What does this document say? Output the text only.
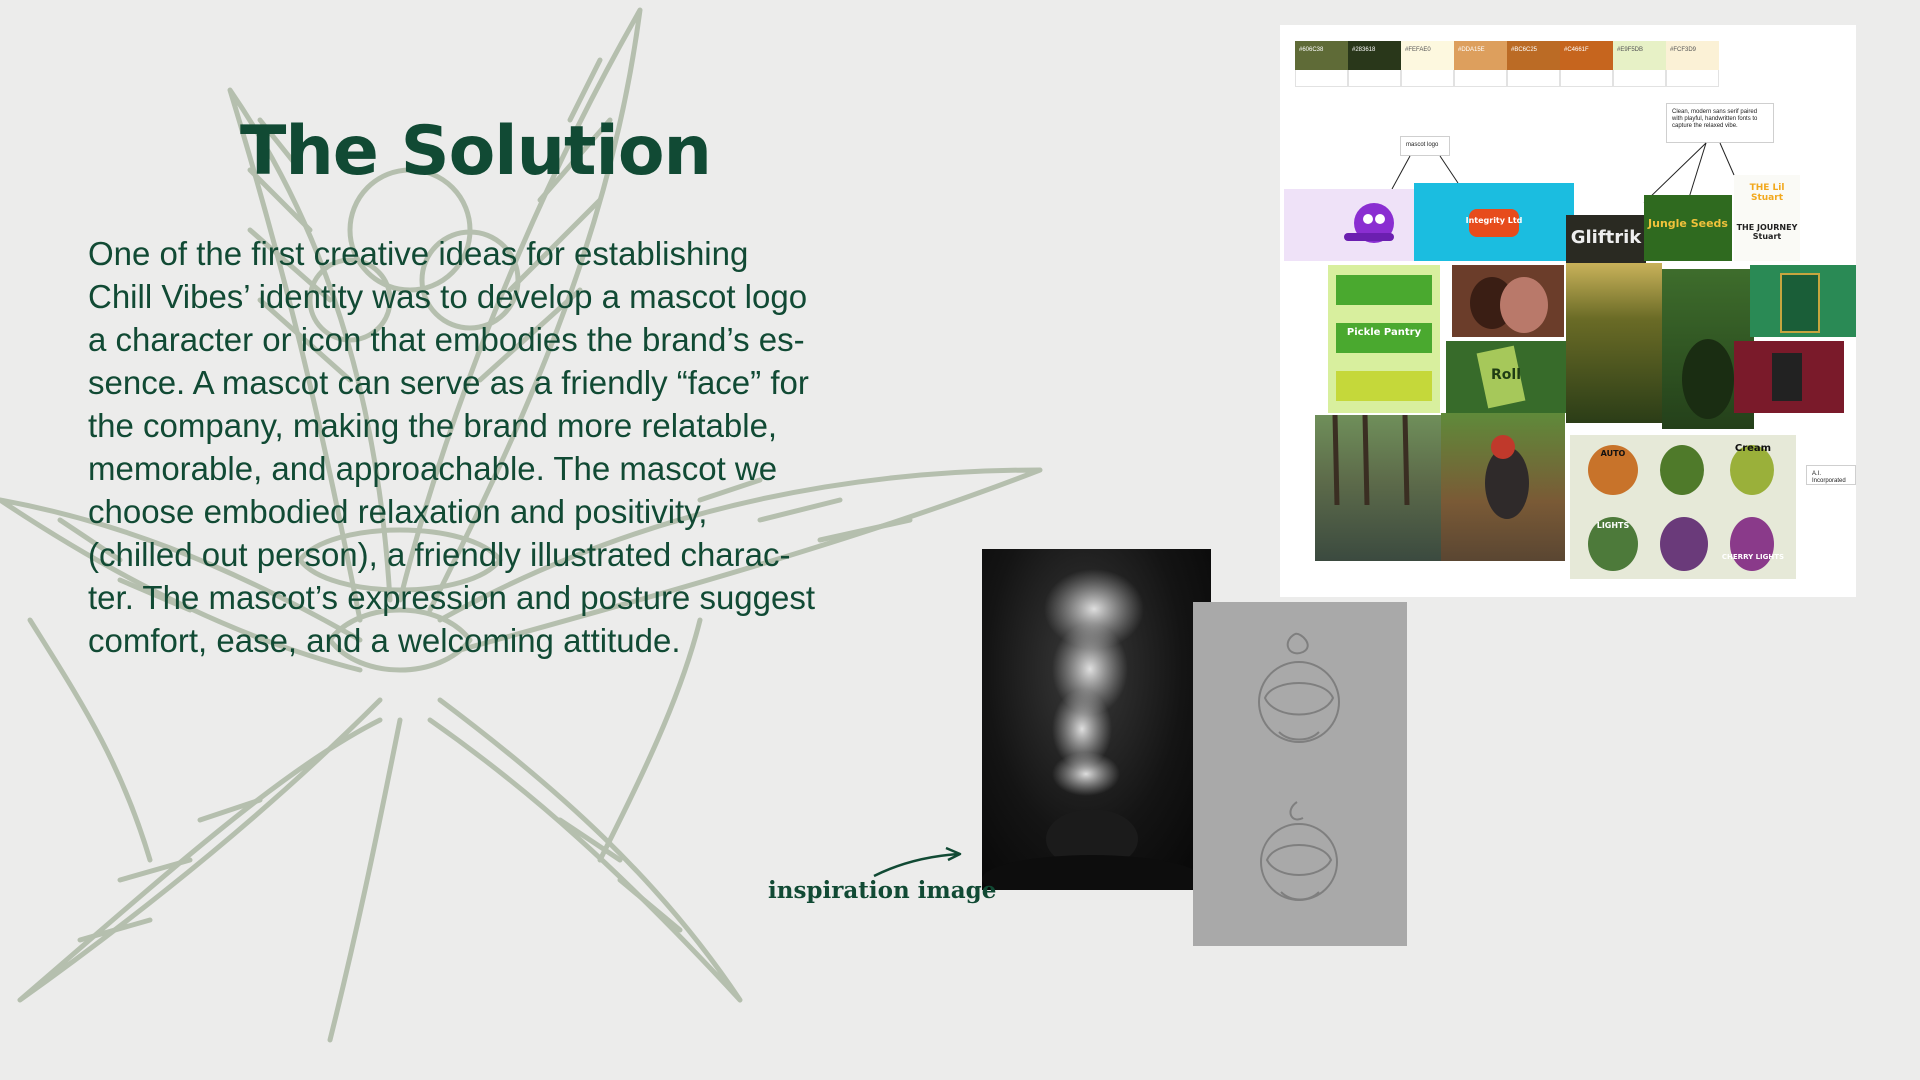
The Solution
One of the first creative ideas for establishing
Chill Vibes’ identity was to develop a mascot logo
a character or icon that embodies the brand’s es-
sence. A mascot can serve as a friendly “face” for
the company, making the brand more relatable,
memorable, and approachable. The mascot we
choose embodied relaxation and positivity,
(chilled out person), a friendly illustrated charac-
ter. The mascot’s expression and posture suggest
comfort, ease, and a welcoming attitude.
#606C38	#283618	#FEFAE0	#DDA15E	#BC6C25	#C4661F	#E9F5DB	#FCF3D9
mascot logo
Clean, modern sans serif paired with playful, handwritten fonts to capture the relaxed vibe.
A.I. Incorporated
Integrity Ltd
Gliftrik
Jungle Seeds
THE Lil Stuart
THE JOURNEY Stuart
Pickle Pantry
Roll
AUTO	Cream
LIGHTS
CHERRY LIGHTS

inspiration image
